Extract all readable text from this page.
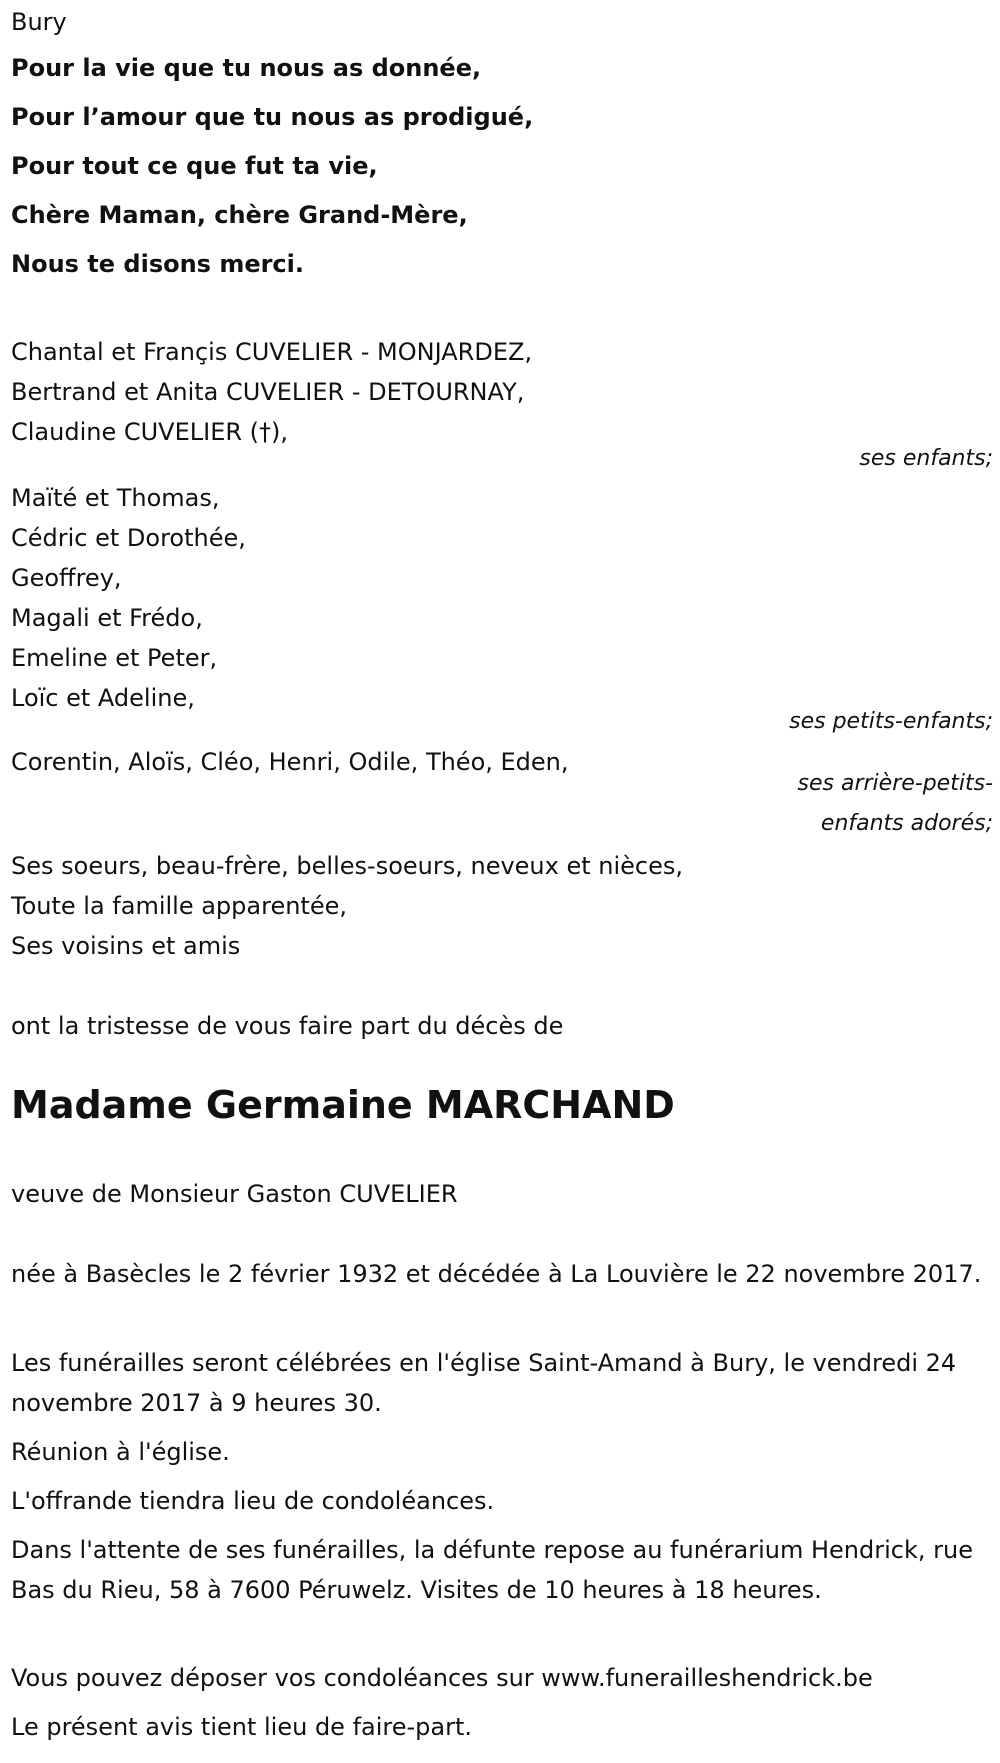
Bury
Pour la vie que tu nous as donnée,
Pour l’amour que tu nous as prodigué,
Pour tout ce que fut ta vie,
Chère Maman, chère Grand-Mère,
Nous te disons merci.
Chantal et Françis CUVELIER - MONJARDEZ,
Bertrand et Anita CUVELIER - DETOURNAY,
Claudine CUVELIER (†),
ses enfants;
Maïté et Thomas,
Cédric et Dorothée,
Geoffrey,
Magali et Frédo,
Emeline et Peter,
Loïc et Adeline,
ses petits-enfants;
Corentin, Aloïs, Cléo, Henri, Odile, Théo, Eden,
ses arrière-petits-
enfants adorés;
Ses soeurs, beau-frère, belles-soeurs, neveux et nièces,
Toute la famille apparentée,
Ses voisins et amis
ont la tristesse de vous faire part du décès de
Madame Germaine MARCHAND
veuve de Monsieur Gaston CUVELIER
née à Basècles le 2 février 1932 et décédée à La Louvière le 22 novembre 2017.
Les funérailles seront célébrées en l'église Saint-Amand à Bury, le vendredi 24 novembre 2017 à 9 heures 30.
Réunion à l'église.
L'offrande tiendra lieu de condoléances.
Dans l'attente de ses funérailles, la défunte repose au funérarium Hendrick, rue Bas du Rieu, 58 à 7600 Péruwelz. Visites de 10 heures à 18 heures.
Vous pouvez déposer vos condoléances sur www.funerailleshendrick.be
Le présent avis tient lieu de faire-part.
